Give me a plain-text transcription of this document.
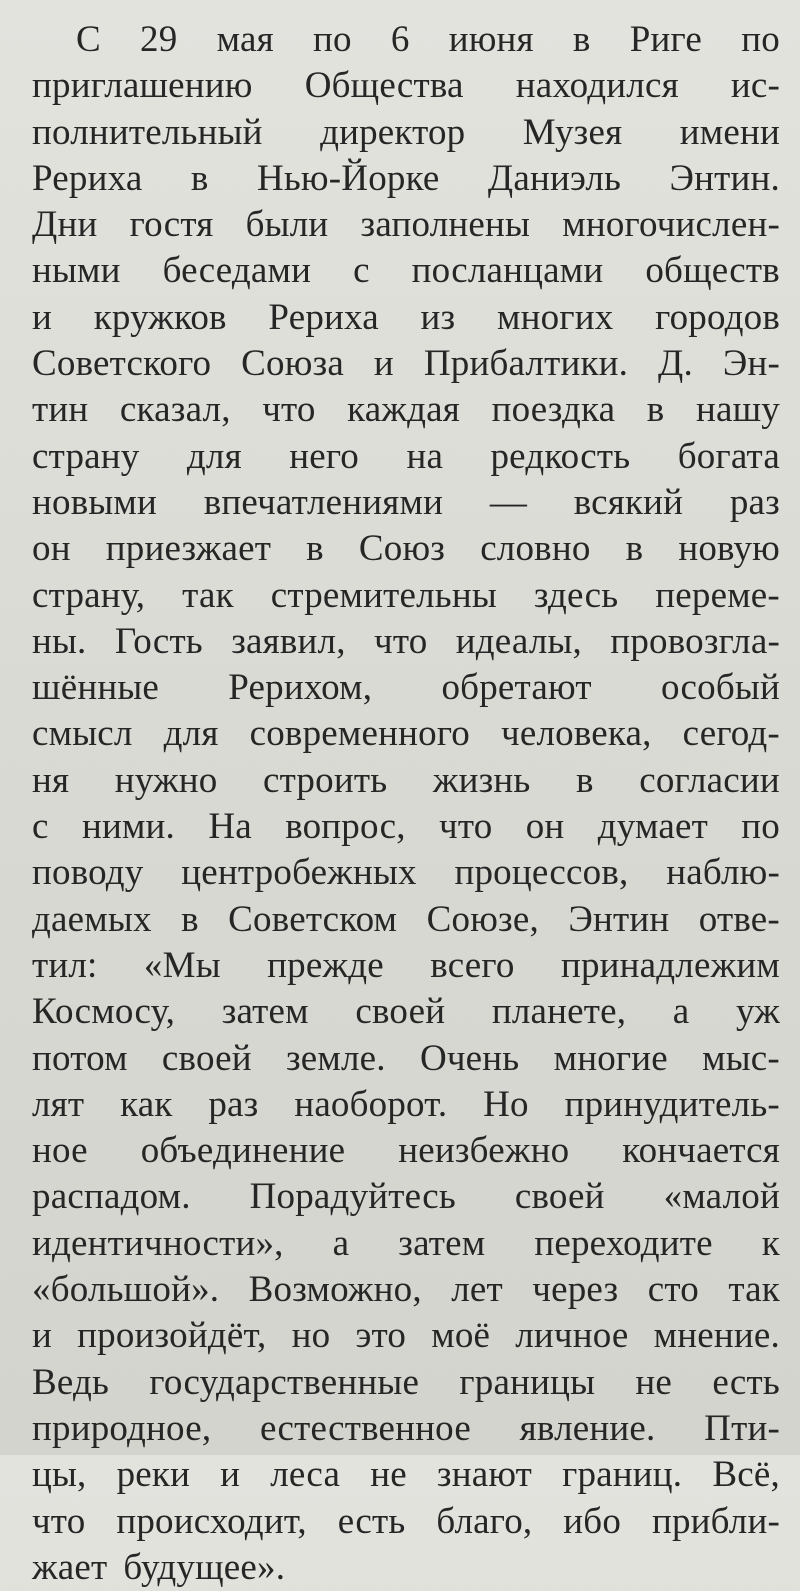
С 29 мая по 6 июня в Риге по
приглашению Общества находился ис-
полнительный директор Музея имени
Рериха в Нью-Йорке Даниэль Энтин.
Дни гостя были заполнены многочислен-
ными беседами с посланцами обществ
и кружков Рериха из многих городов
Советского Союза и Прибалтики. Д. Эн-
тин сказал, что каждая поездка в нашу
страну для него на редкость богата
новыми впечатлениями — всякий раз
он приезжает в Союз словно в новую
страну, так стремительны здесь переме-
ны. Гость заявил, что идеалы, провозгла-
шённые Рерихом, обретают особый
смысл для современного человека, сегод-
ня нужно строить жизнь в согласии
с ними. На вопрос, что он думает по
поводу центробежных процессов, наблю-
даемых в Советском Союзе, Энтин отве-
тил: «Мы прежде всего принадлежим
Космосу, затем своей планете, а уж
потом своей земле. Очень многие мыс-
лят как раз наоборот. Но принудитель-
ное объединение неизбежно кончается
распадом. Порадуйтесь своей «малой
идентичности», а затем переходите к
«большой». Возможно, лет через сто так
и произойдёт, но это моё личное мнение.
Ведь государственные границы не есть
природное, естественное явление. Пти-
цы, реки и леса не знают границ. Всё,
что происходит, есть благо, ибо прибли-
жает будущее».
